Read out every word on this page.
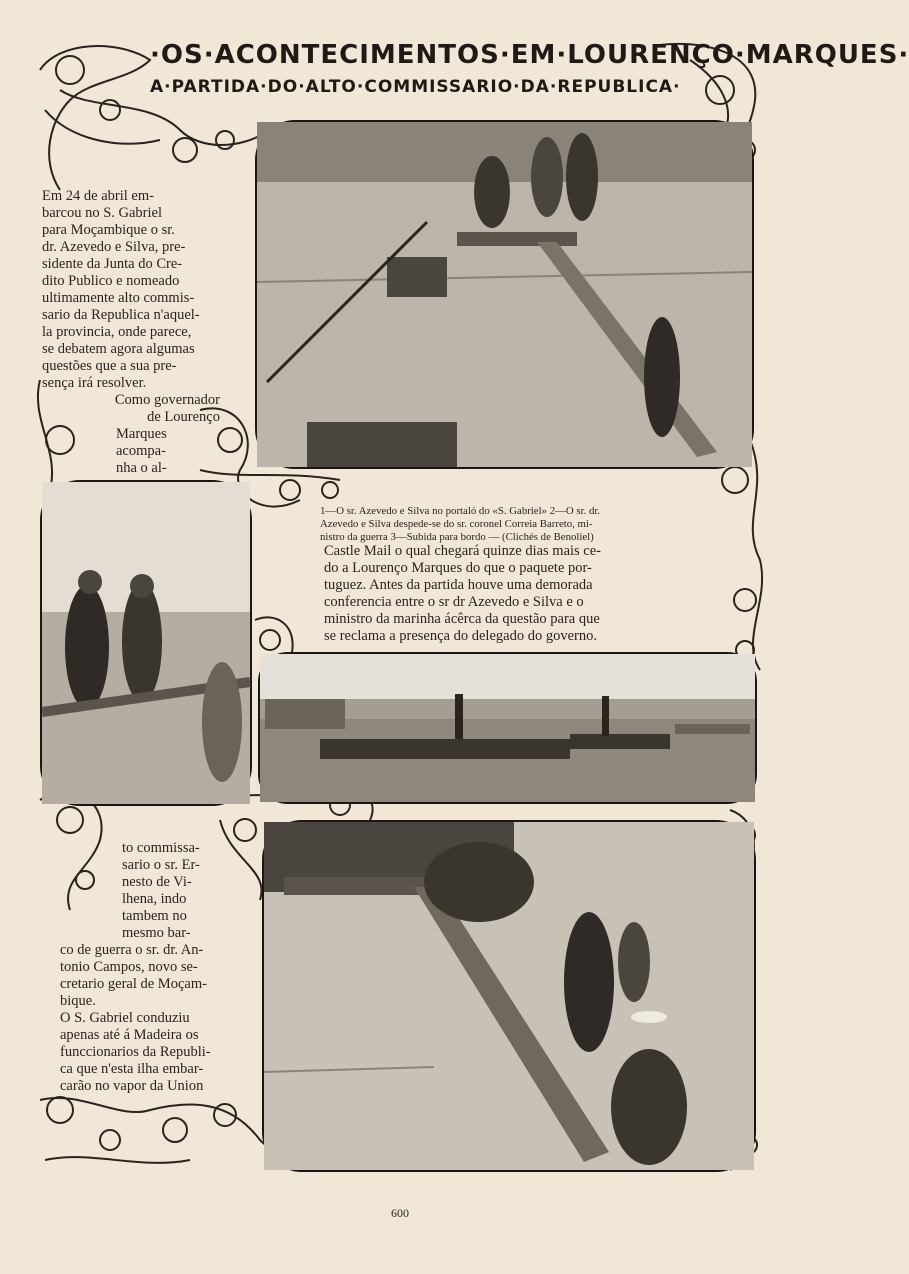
·OS·ACONTECIMENTOS·EM·LOURENÇO·MARQUES·
A·PARTIDA·DO·ALTO·COMMISSARIO·DA·REPUBLICA·
Em 24 de abril em-
barcou no S. Gabriel
para Moçambique o sr.
dr. Azevedo e Silva, pre-
sidente da Junta do Cre-
dito Publico e nomeado
ultimamente alto commis-
sario da Republica n'aquel-
la provincia, onde parece,
se debatem agora algumas
questões que a sua pre-
sença irá resolver.
Como governador
de Lourenço
Marques
acompa-
nha o al-
1—O sr. Azevedo e Silva no portaló do «S. Gabriel» 2—O sr. dr.
Azevedo e Silva despede-se do sr. coronel Correia Barreto, mi-
nistro da guerra 3—Subida para bordo — (Clichés de Benoliel)
Castle Mail o qual chegará quinze dias mais ce-
do a Lourenço Marques do que o paquete por-
tuguez. Antes da partida houve uma demorada
conferencia entre o sr dr Azevedo e Silva e o
ministro da marinha ácêrca da questão para que
se reclama a presença do delegado do governo.
to commissa-
sario o sr. Er-
nesto de Vi-
lhena, indo
tambem no
mesmo bar-
co de guerra o sr. dr. An-
tonio Campos, novo se-
cretario geral de Moçam-
bique.
O S. Gabriel conduziu
apenas até á Madeira os
funccionarios da Republi-
ca que n'esta ilha embar-
carão no vapor da Union
600
